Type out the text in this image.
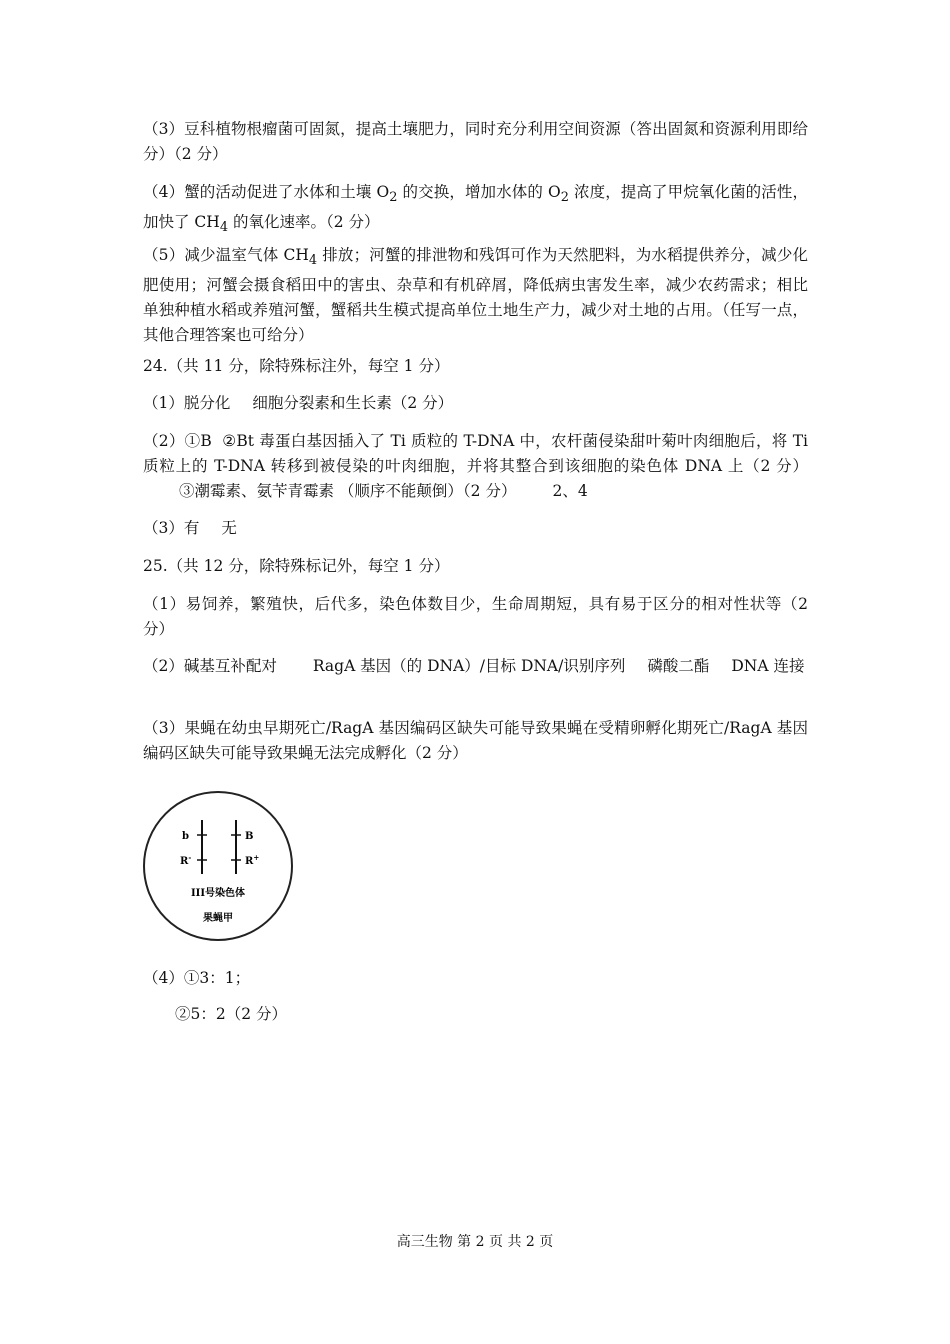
（3）豆科植物根瘤菌可固氮，提高土壤肥力，同时充分利用空间资源（答出固氮和资源利用即给分）（2 分）

（4）蟹的活动促进了水体和土壤 $O_2$ 的交换，增加水体的 $O_2$ 浓度，提高了甲烷氧化菌的活性，加快了 $CH_4$ 的氧化速率。（2 分）

（5）减少温室气体 $CH_4$ 排放；河蟹的排泄物和残饵可作为天然肥料，为水稻提供养分，减少化肥使用；河蟹会摄食稻田中的害虫、杂草和有机碎屑，降低病虫害发生率，减少农药需求；相比单独种植水稻或养殖河蟹，蟹稻共生模式提高单位土地生产力，减少对土地的占用。（任写一点，其他合理答案也可给分）

24.（共 11 分，除特殊标注外，每空 1 分）

（1）脱分化 细胞分裂素和生长素（2 分）

（2）①B ②Bt 毒蛋白基因插入了 Ti 质粒的 T-DNA 中，农杆菌侵染甜叶菊叶肉细胞后，将 Ti 质粒上的 T-DNA 转移到被侵染的叶肉细胞，并将其整合到该细胞的染色体 DNA 上（2 分）③潮霉素、氨苄青霉素 （顺序不能颠倒）（2 分） 2、4

（3）有 无

25.（共 12 分，除特殊标记外，每空 1 分）

（1）易饲养，繁殖快，后代多，染色体数目少，生命周期短，具有易于区分的相对性状等（2 分）

（2）碱基互补配对 RagA 基因（的 DNA）/目标 DNA/识别序列 磷酸二酯 DNA 连接

（3）果蝇在幼虫早期死亡/RagA 基因编码区缺失可能导致果蝇在受精卵孵化期死亡/RagA 基因编码区缺失可能导致果蝇无法完成孵化（2 分）

b
R-
B
R+
III号染色体
果蝇甲

（4）①3：1；

②5：2（2 分）

高三生物 第 2 页 共 2 页
